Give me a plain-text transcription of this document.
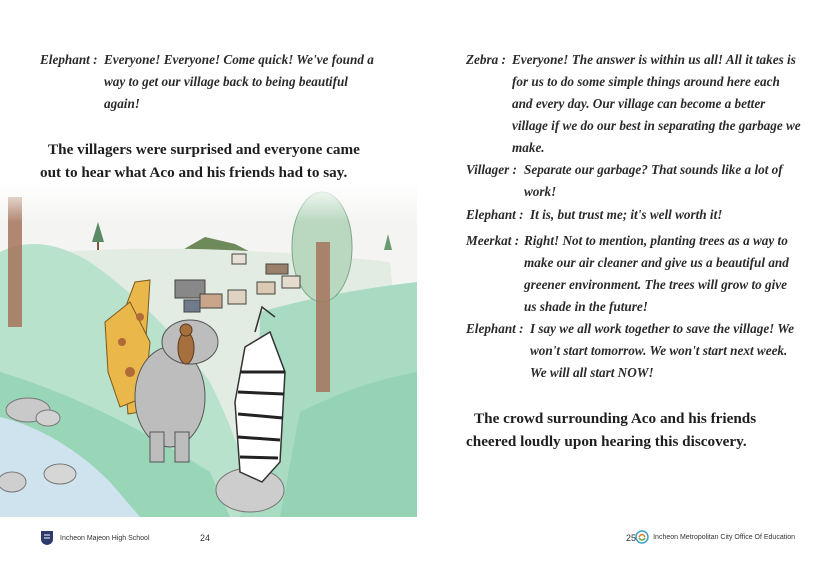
Elephant : Everyone! Everyone! Come quick! We've found a way to get our village back to being beautiful again!
The villagers were surprised and everyone came out to hear what Aco and his friends had to say.
Incheon Majeon High School	24
Zebra : Everyone! The answer is within us all! All it takes is for us to do some simple things around here each and every day. Our village can become a better village if we do our best in separating the garbage we make.
Villager : Separate our garbage? That sounds like a lot of work!
Elephant : It is, but trust me; it's well worth it!
Meerkat : Right! Not to mention, planting trees as a way to make our air cleaner and give us a beautiful and greener environment. The trees will grow to give us shade in the future!
Elephant : I say we all work together to save the village! We won't start tomorrow. We won't start next week. We will all start NOW!
The crowd surrounding Aco and his friends cheered loudly upon hearing this discovery.
25 Incheon Metropolitan City Office Of Education
